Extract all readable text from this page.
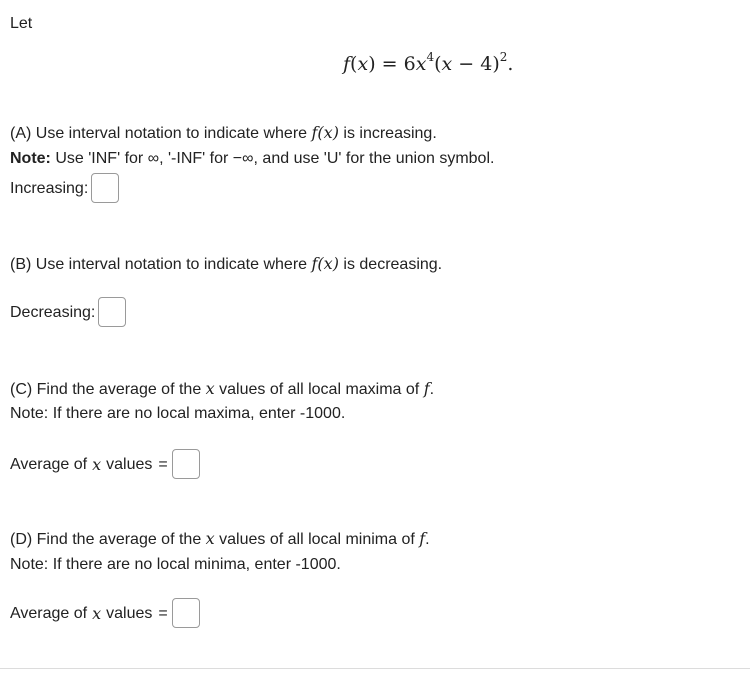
Let
$f(x) = 6x^4(x - 4)^2$.
(A) Use interval notation to indicate where f(x) is increasing.
Note: Use 'INF' for ∞, '-INF' for −∞, and use 'U' for the union symbol.
Increasing:
(B) Use interval notation to indicate where f(x) is decreasing.
Decreasing:
(C) Find the average of the x values of all local maxima of f.
Note: If there are no local maxima, enter -1000.
Average of x values =
(D) Find the average of the x values of all local minima of f.
Note: If there are no local minima, enter -1000.
Average of x values =
